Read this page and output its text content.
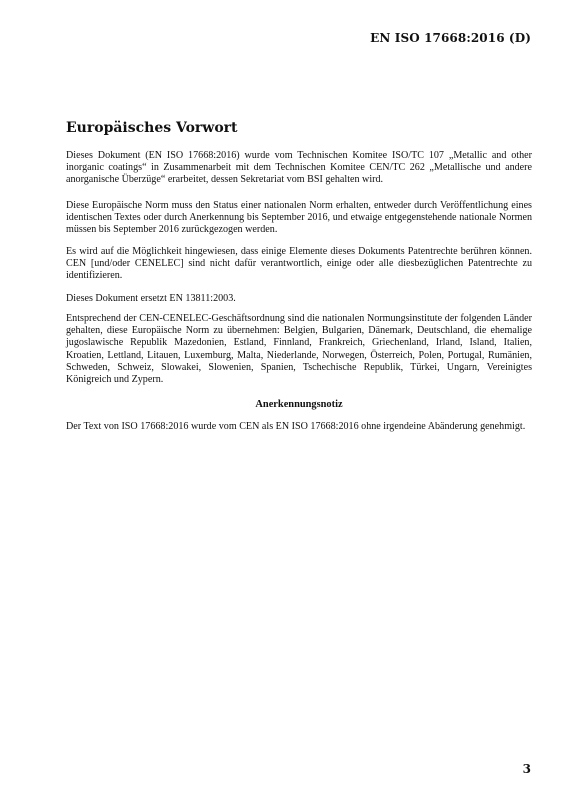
EN ISO 17668:2016 (D)
Europäisches Vorwort

Dieses Dokument (EN ISO 17668:2016) wurde vom Technischen Komitee ISO/TC 107 „Metallic and other inorganic coatings“ in Zusammenarbeit mit dem Technischen Komitee CEN/TC 262 „Metallische und andere anorganische Überzüge“ erarbeitet, dessen Sekretariat vom BSI gehalten wird.

Diese Europäische Norm muss den Status einer nationalen Norm erhalten, entweder durch Veröffentlichung eines identischen Textes oder durch Anerkennung bis September 2016, und etwaige entgegenstehende nationale Normen müssen bis September 2016 zurückgezogen werden.

Es wird auf die Möglichkeit hingewiesen, dass einige Elemente dieses Dokuments Patentrechte berühren können. CEN [und/oder CENELEC] sind nicht dafür verantwortlich, einige oder alle diesbezüglichen Patentrechte zu identifizieren.

Dieses Dokument ersetzt EN 13811:2003.

Entsprechend der CEN-CENELEC-Geschäftsordnung sind die nationalen Normungsinstitute der folgenden Länder gehalten, diese Europäische Norm zu übernehmen: Belgien, Bulgarien, Dänemark, Deutschland, die ehemalige jugoslawische Republik Mazedonien, Estland, Finnland, Frankreich, Griechenland, Irland, Island, Italien, Kroatien, Lettland, Litauen, Luxemburg, Malta, Niederlande, Norwegen, Österreich, Polen, Portugal, Rumänien, Schweden, Schweiz, Slowakei, Slowenien, Spanien, Tschechische Republik, Türkei, Ungarn, Vereinigtes Königreich und Zypern.

Anerkennungsnotiz

Der Text von ISO 17668:2016 wurde vom CEN als EN ISO 17668:2016 ohne irgendeine Abänderung genehmigt.

3
